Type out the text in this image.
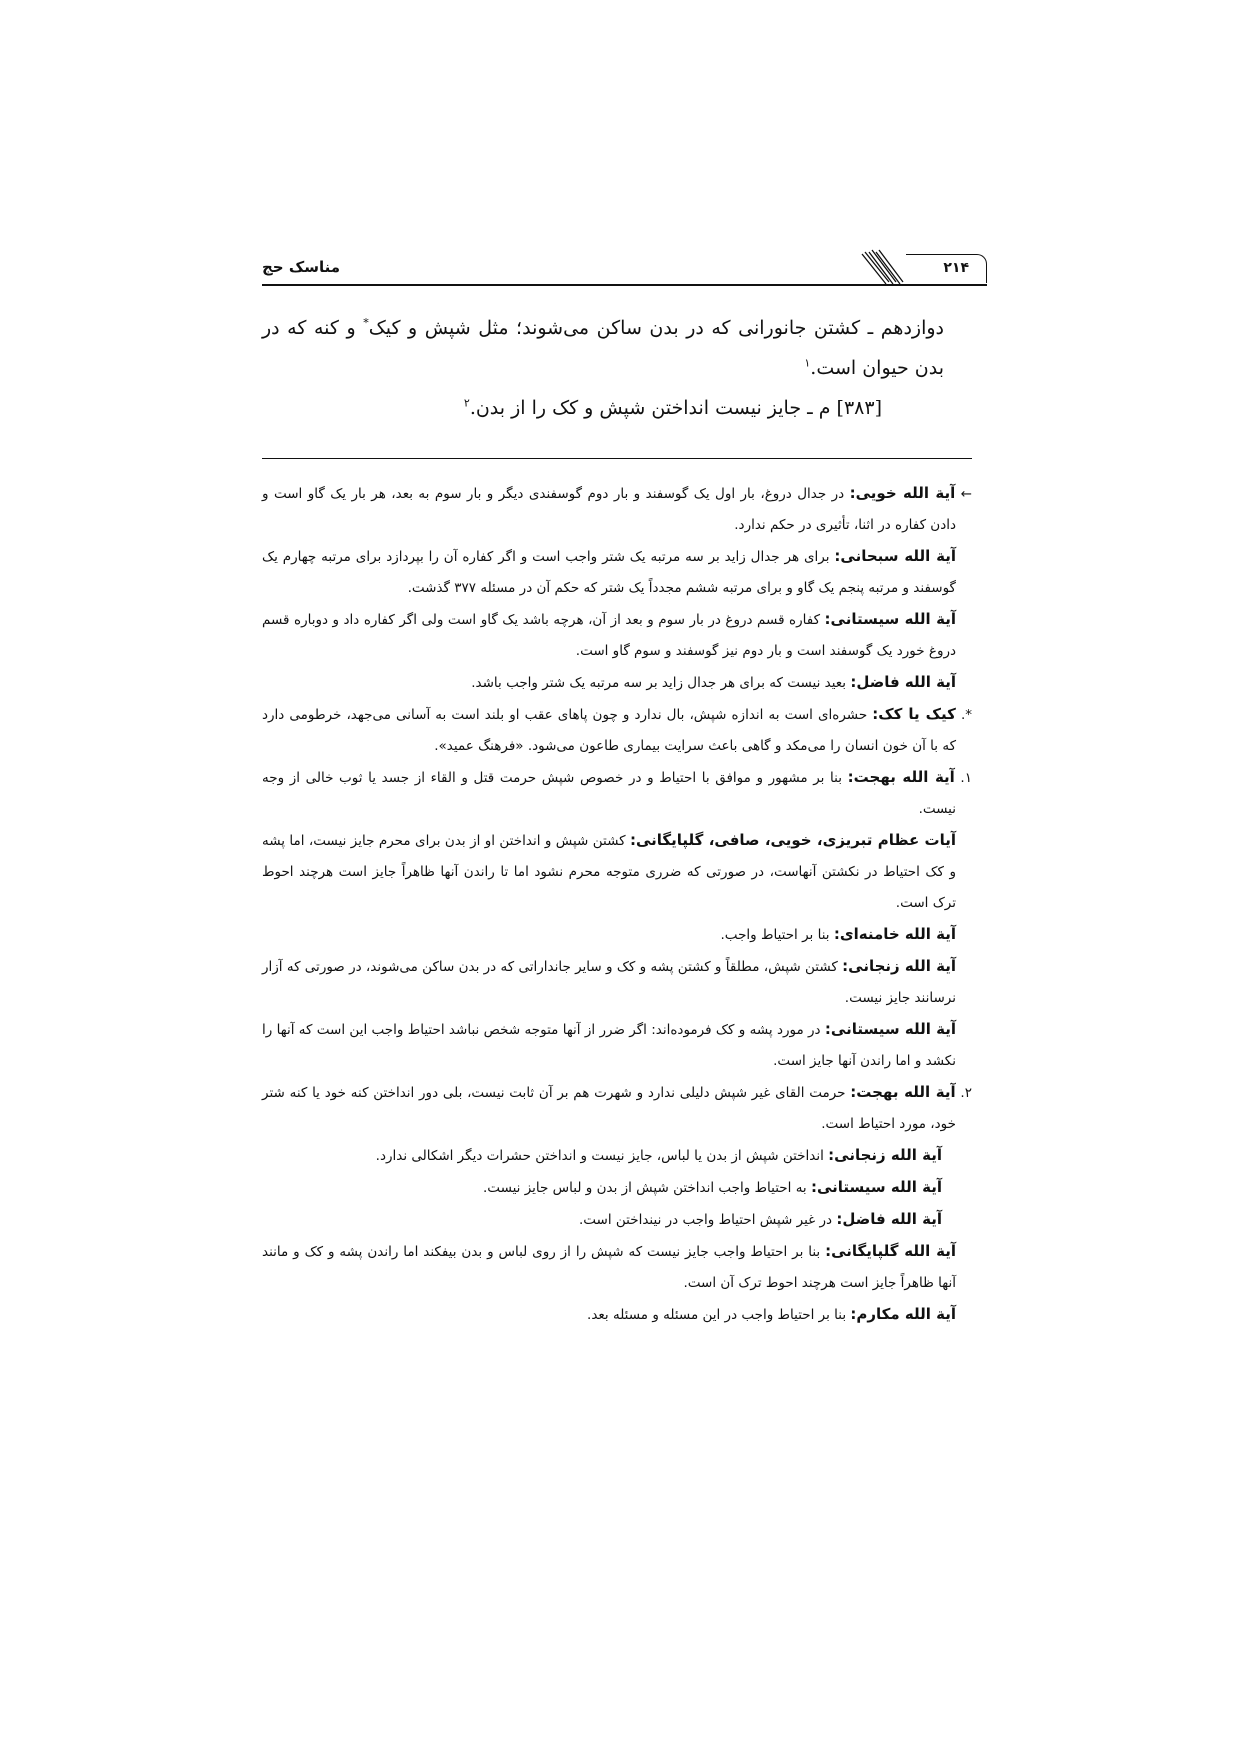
مناسک حج	۲۱۴

دوازدهم ـ کشتن جانورانی که در بدن ساکن می‌شوند؛ مثل شپش و کیک* و کنه که در بدن حیوان است.$^۱$

[۳۸۳] م ـ جایز نیست انداختن شپش و کک را از بدن.$^۲$

← آیة الله خویی: در جدال دروغ، بار اول یک گوسفند و بار دوم گوسفندی دیگر و بار سوم به بعد، هر بار یک گاو است و دادن کفاره در اثنا، تأثیری در حکم ندارد.

آیة الله سبحانی: برای هر جدال زاید بر سه مرتبه یک شتر واجب است و اگر کفاره آن را بپردازد برای مرتبه چهارم یک گوسفند و مرتبه پنجم یک گاو و برای مرتبه ششم مجدداً یک شتر که حکم آن در مسئله ۳۷۷ گذشت.

آیة الله سیستانی: کفاره قسم دروغ در بار سوم و بعد از آن، هرچه باشد یک گاو است ولی اگر کفاره داد و دوباره قسم دروغ خورد یک گوسفند است و بار دوم نیز گوسفند و سوم گاو است.

آیة الله فاضل: بعید نیست که برای هر جدال زاید بر سه مرتبه یک شتر واجب باشد.

*. کیک یا کک: حشره‌ای است به اندازه شپش، بال ندارد و چون پاهای عقب او بلند است به آسانی می‌جهد، خرطومی دارد که با آن خون انسان را می‌مکد و گاهی باعث سرایت بیماری طاعون می‌شود. «فرهنگ عمید».

۱. آیة الله بهجت: بنا بر مشهور و موافق با احتیاط و در خصوص شپش حرمت قتل و القاء از جسد یا ثوب خالی از وجه نیست.

آیات عظام تبریزی، خویی، صافی، گلپایگانی: کشتن شپش و انداختن او از بدن برای محرم جایز نیست، اما پشه و کک احتیاط در نکشتن آنهاست، در صورتی که ضرری متوجه محرم نشود اما تا راندن آنها ظاهراً جایز است هرچند احوط ترک است.

آیة الله خامنه‌ای: بنا بر احتیاط واجب.

آیة الله زنجانی: کشتن شپش، مطلقاً و کشتن پشه و کک و سایر جانداراتی که در بدن ساکن می‌شوند، در صورتی که آزار نرسانند جایز نیست.

آیة الله سیستانی: در مورد پشه و کک فرموده‌اند: اگر ضرر از آنها متوجه شخص نباشد احتیاط واجب این است که آنها را نکشد و اما راندن آنها جایز است.

۲. آیة الله بهجت: حرمت القای غیر شپش دلیلی ندارد و شهرت هم بر آن ثابت نیست، بلی دور انداختن کنه خود یا کنه شتر خود، مورد احتیاط است.

آیة الله زنجانی: انداختن شپش از بدن یا لباس، جایز نیست و انداختن حشرات دیگر اشکالی ندارد.

آیة الله سیستانی: به احتیاط واجب انداختن شپش از بدن و لباس جایز نیست.

آیة الله فاضل: در غیر شپش احتیاط واجب در نینداختن است.

آیة الله گلپایگانی: بنا بر احتیاط واجب جایز نیست که شپش را از روی لباس و بدن بیفکند اما راندن پشه و کک و مانند آنها ظاهراً جایز است هرچند احوط ترک آن است.

آیة الله مکارم: بنا بر احتیاط واجب در این مسئله و مسئله بعد.
